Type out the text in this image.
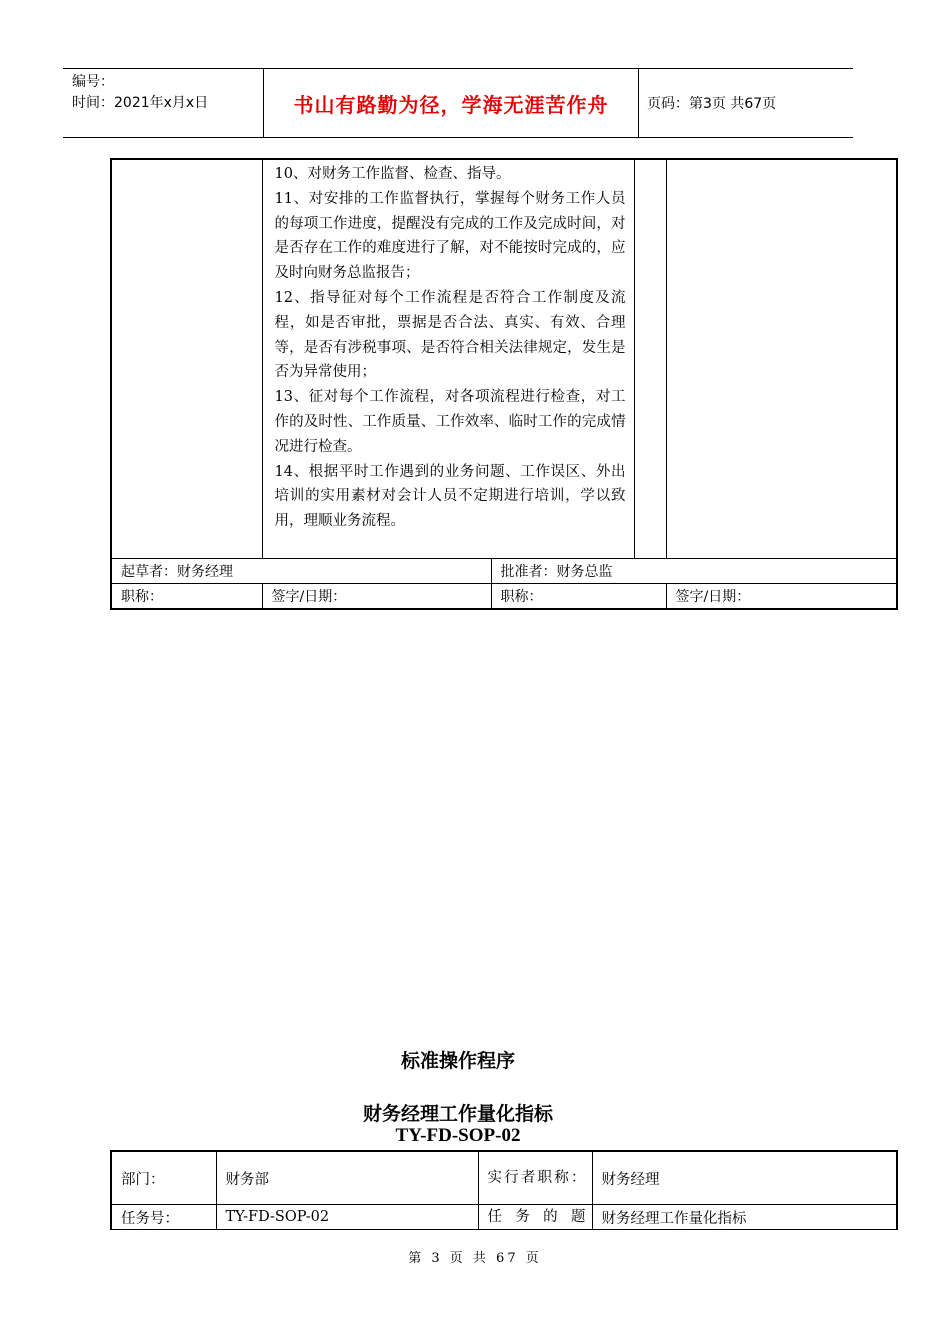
编号：
时间：2021年x月x日	书山有路勤为径，学海无涯苦作舟	页码：第3页 共67页

	10、对财务工作监督、检查、指导。

11、对安排的工作监督执行，掌握每个财务工作人员的每项工作进度，提醒没有完成的工作及完成时间，对是否存在工作的难度进行了解，对不能按时完成的，应及时向财务总监报告；

12、指导征对每个工作流程是否符合工作制度及流程，如是否审批，票据是否合法、真实、有效、合理等，是否有涉税事项、是否符合相关法律规定，发生是否为异常使用；

13、征对每个工作流程，对各项流程进行检查，对工作的及时性、工作质量、工作效率、临时工作的完成情况进行检查。

14、根据平时工作遇到的业务问题、工作误区、外出培训的实用素材对会计人员不定期进行培训，学以致用，理顺业务流程。			

起草者：财务经理		批准者：财务总监		
职称：	签字/日期：	职称：		签字/日期：
标准操作程序
财务经理工作量化指标
TY-FD-SOP-02
部门：	财务部	实行者职称：	财务经理
任务号：	TY-FD-SOP-02	任务的题	财务经理工作量化指标
第 3 页 共 67 页
